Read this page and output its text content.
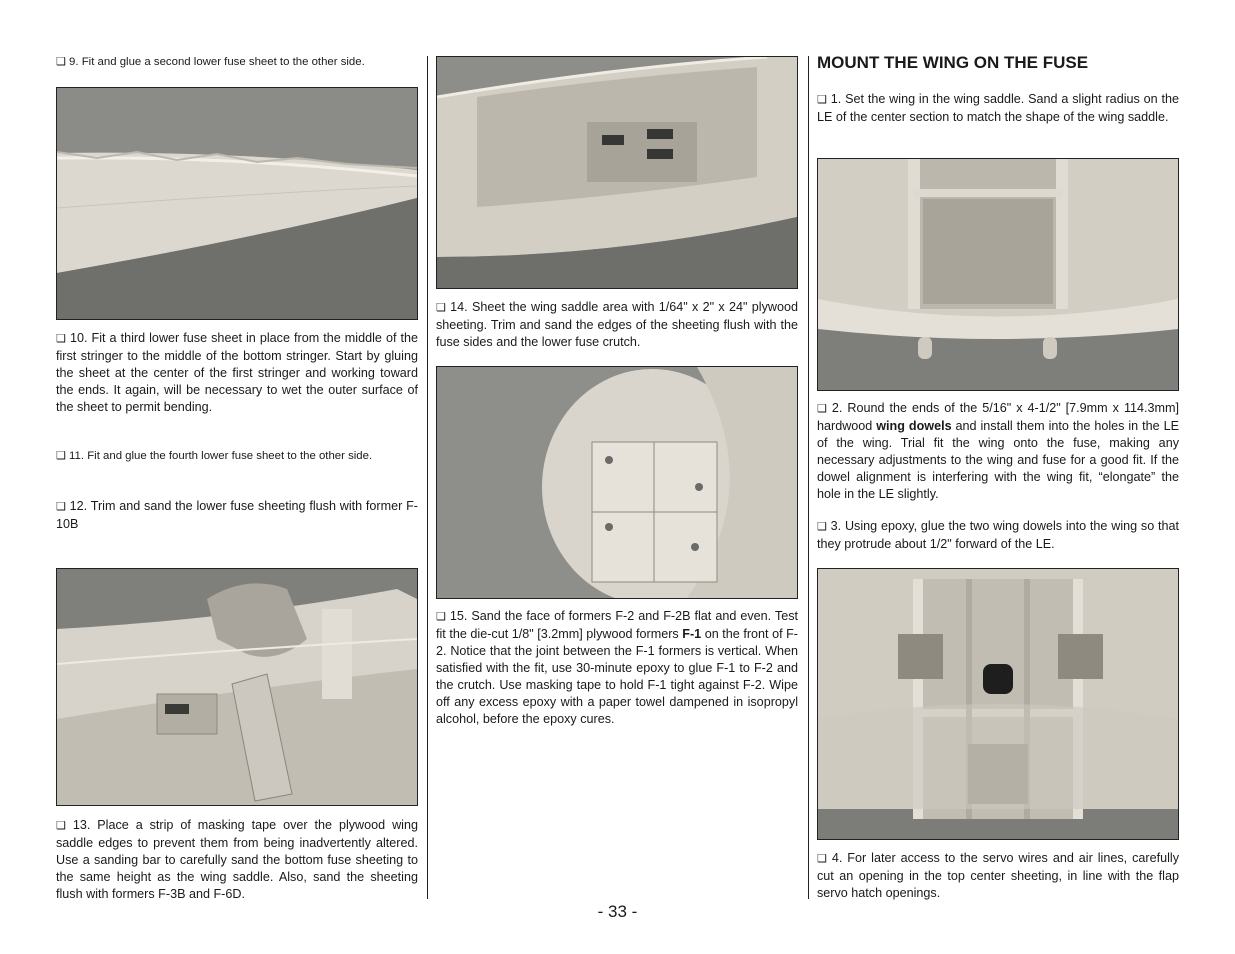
❑ 9. Fit and glue a second lower fuse sheet to the other side.

❑ 10. Fit a third lower fuse sheet in place from the middle of the first stringer to the middle of the bottom stringer. Start by gluing the sheet at the center of the first stringer and working toward the ends. It again, will be necessary to wet the outer surface of the sheet to permit bending.

❑ 11. Fit and glue the fourth lower fuse sheet to the other side.

❑ 12. Trim and sand the lower fuse sheeting flush with former F-10B

❑ 13. Place a strip of masking tape over the plywood wing saddle edges to prevent them from being inadvertently altered. Use a sanding bar to carefully sand the bottom fuse sheeting to the same height as the wing saddle. Also, sand the sheeting flush with formers F-3B and F-6D.

❑ 14. Sheet the wing saddle area with 1/64" x 2" x 24" plywood sheeting. Trim and sand the edges of the sheeting flush with the fuse sides and the lower fuse crutch.

❑ 15. Sand the face of formers F-2 and F-2B flat and even. Test fit the die-cut 1/8" [3.2mm] plywood formers F-1 on the front of F-2. Notice that the joint between the F-1 formers is vertical. When satisfied with the fit, use 30-minute epoxy to glue F-1 to F-2 and the crutch. Use masking tape to hold F-1 tight against F-2. Wipe off any excess epoxy with a paper towel dampened in isopropyl alcohol, before the epoxy cures.

MOUNT THE WING ON THE FUSE

❑ 1. Set the wing in the wing saddle. Sand a slight radius on the LE of the center section to match the shape of the wing saddle.

❑ 2. Round the ends of the 5/16" x 4-1/2" [7.9mm x 114.3mm] hardwood wing dowels and install them into the holes in the LE of the wing. Trial fit the wing onto the fuse, making any necessary adjustments to the wing and fuse for a good fit. If the dowel alignment is interfering with the wing fit, “elongate” the hole in the LE slightly.

❑ 3. Using epoxy, glue the two wing dowels into the wing so that they protrude about 1/2" forward of the LE.

❑ 4. For later access to the servo wires and air lines, carefully cut an opening in the top center sheeting, in line with the flap servo hatch openings.

- 33 -
